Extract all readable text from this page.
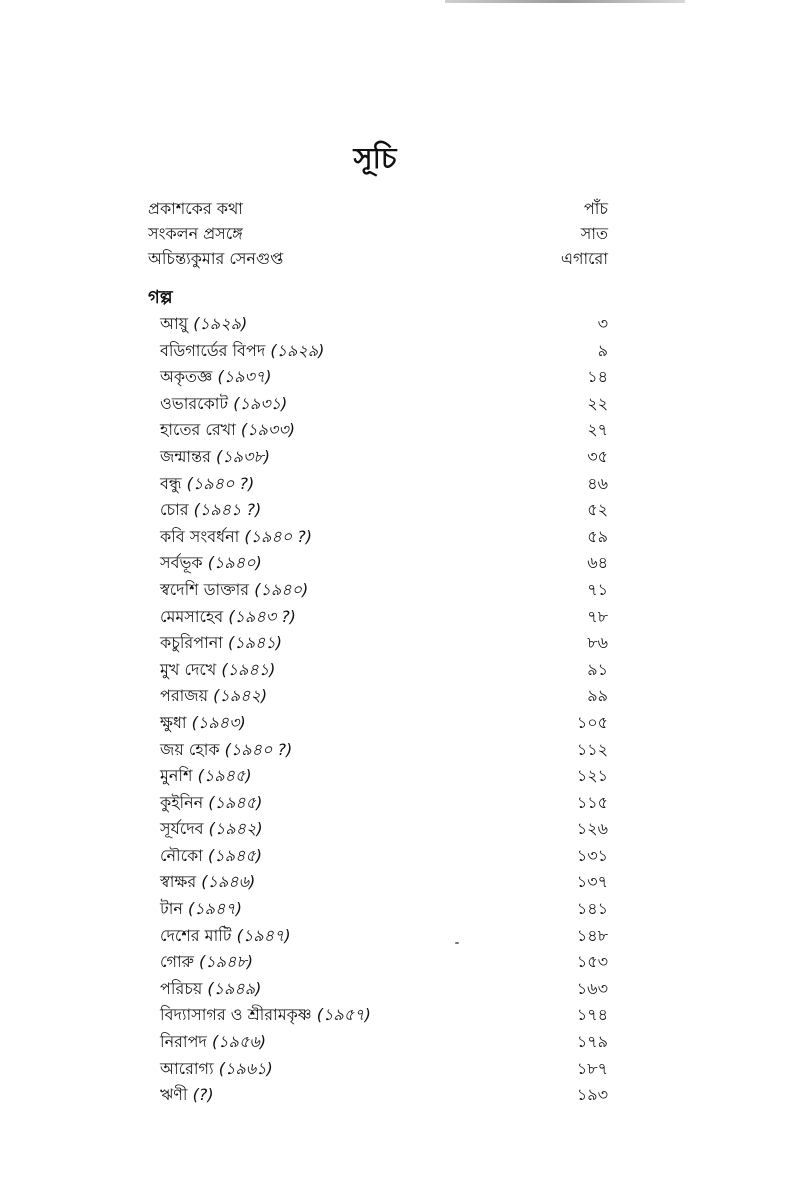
সূচি
প্রকাশকের কথা	পাঁচ
সংকলন প্রসঙ্গে	সাত
অচিন্ত্যকুমার সেনগুপ্ত	এগারো
গল্প
আয়ু (১৯২৯)	৩
বডিগার্ডের বিপদ (১৯২৯)	৯
অকৃতজ্ঞ (১৯৩৭)	১৪
ওভারকোট (১৯৩১)	২২
হাতের রেখা (১৯৩৩)	২৭
জন্মান্তর (১৯৩৮)	৩৫
বন্ধু (১৯৪০ ?)	৪৬
চোর (১৯৪১ ?)	৫২
কবি সংবর্ধনা (১৯৪০ ?)	৫৯
সর্বভূক (১৯৪০)	৬৪
স্বদেশি ডাক্তার (১৯৪০)	৭১
মেমসাহেব (১৯৪৩ ?)	৭৮
কচুরিপানা (১৯৪১)	৮৬
মুখ দেখে (১৯৪১)	৯১
পরাজয় (১৯৪২)	৯৯
ক্ষুধা (১৯৪৩)	১০৫
জয় হোক (১৯৪০ ?)	১১২
মুনশি (১৯৪৫)	১২১
কুইনিন (১৯৪৫)	১১৫
সূর্যদেব (১৯৪২)	১২৬
নৌকো (১৯৪৫)	১৩১
স্বাক্ষর (১৯৪৬)	১৩৭
টান (১৯৪৭)	১৪১
দেশের মাটি (১৯৪৭)	১৪৮
গোরু (১৯৪৮)	১৫৩
পরিচয় (১৯৪৯)	১৬৩
বিদ্যাসাগর ও শ্রীরামকৃষ্ণ (১৯৫৭)	১৭৪
নিরাপদ (১৯৫৬)	১৭৯
আরোগ্য (১৯৬১)	১৮৭
ঋণী (?)	১৯৩
